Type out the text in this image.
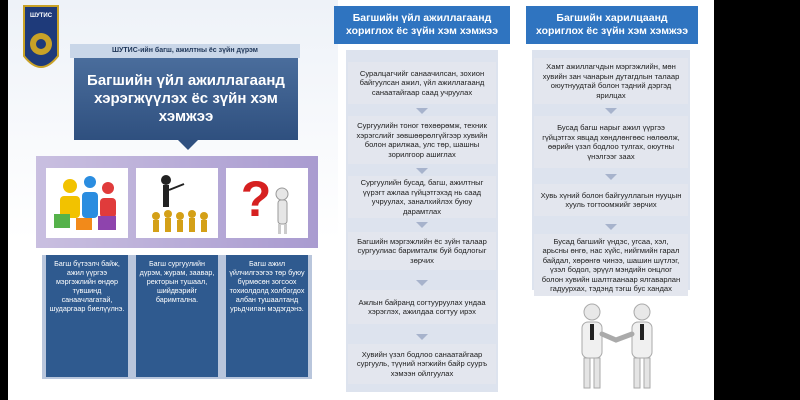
ШУТИС
ШУТИС-ийн багш, ажилтны ёс зүйн дүрэм
Багшийн үйл ажиллагаанд хэрэгжүүлэх ёс зүйн хэм хэмжээ
?
Багш бүтээлч байж, ажил үүргээ мэргэжлийн өндөр түвшинд санаачлагатай, шударгаар биелүүлнэ.
Багш сургуулийн дүрэм, журам, заавар, ректорын тушаал, шийдвэрийг баримталнa.
Багш ажил үйлчилгээгээ төр буюу бүрмөсөн зогсоох тохиолдолд холбогдох албан тушаалтанд урьдчилан мэдэгдэнэ.
Багшийн үйл ажиллагаанд хориглох ёс зүйн хэм хэмжээ
Суралцагчийг санаачилсан, зохион байгуулсан ажил, үйл ажиллагаанд санаатайгаар саад учруулах
Сургуулийн тоног төхөөрөмж, техник хэрэгслийг зөвшөөрөлгүйгээр хувийн болон арилжаа, улс төр, шашны зорилгоор ашиглах
Сургуулийн бусад, багш, ажилтныг үүрэгт ажлаа гүйцэтгэхэд нь саад учруулах, заналхийлэх буюу дарамтлах
Багшийн мэргэжлийн ёс зүйн талаар сургуулиас баримталж буй бодлогыг зөрчих
Ажлын байранд согтууруулах ундаа хэрэглэх, ажилдаа согтуу ирэх
Хувийн үзэл бодлоо санаатайгаар сургууль, түүний нэгжийн байр сууръ хэмээн ойлгуулах
Багшийн харилцаанд хориглох ёс зүйн хэм хэмжээ
Хамт ажиллагчдын мэргэжлийн, мөн хувийн зан чанарын дутагдлын талаар оюутнуудтай болон тэдний дэргэд ярилцах
Бусад багш нарыг ажил үүргээ гүйцэтгэх явцад хөндлөнгөөс нөлөөлж, өөрийн үзэл бодлоо тулгах, оюутны үнэлгээг заах
Хувь хүний болон байгууллагын нууцын хууль тогтоомжийг зөрчих
Бусад багшийг үндэс, угсаа, хэл, арьсны өнгө, нас хүйс, нийгмийн гарал байдал, хөрөнгө чинээ, шашин шүтлэг, үзэл бодол, эрүүл мэндийн онцлог болон хувийн шалтгаанаар ялгаварлан гадуурхах, тэдэнд тэгш бус хандах
